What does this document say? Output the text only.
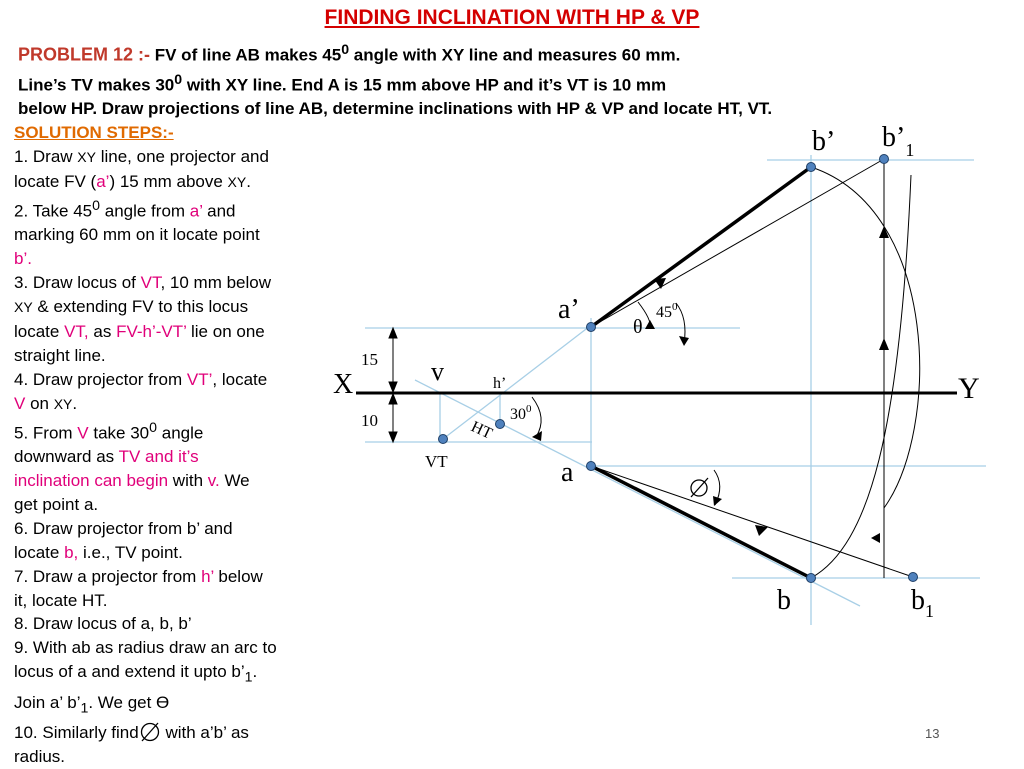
FINDING INCLINATION WITH HP & VP
PROBLEM 12 :- FV of line AB makes $45^0$ angle with XY line and measures 60 mm.
Line’s TV makes $30^0$ with XY line. End A is 15 mm above HP and it’s VT is 10 mm
below HP. Draw projections of line AB, determine inclinations with HP & VP and locate HT, VT.
SOLUTION STEPS:-
1. Draw XY line, one projector and
locate FV (a’) 15 mm above XY.
2. Take $45^0$ angle from a’ and
marking 60 mm on it locate point
b’.
3. Draw locus of VT, 10 mm below
XY & extending FV to this locus
locate VT, as FV-h’-VT’ lie on one
straight line.
4. Draw projector from VT’, locate
V on XY.
5. From V take $30^0$ angle
downward as TV and it’s
inclination can begin with v. We
get point a.
6. Draw projector from b’ and
locate b, i.e., TV point.
7. Draw a projector from h’ below
it, locate HT.
8. Draw locus of a, b, b’
9. With ab as radius draw an arc to
locus of a and extend it upto $b’_1$.
Join a’ $b’_1$. We get ϴ
10. Similarly find with a’b’ as
radius.
b’ $b’_1$
a’	$45^0$
θ
15
10
v	h’
X	Y
$30^0$
HT
VT	a
b	$b_1$
13
